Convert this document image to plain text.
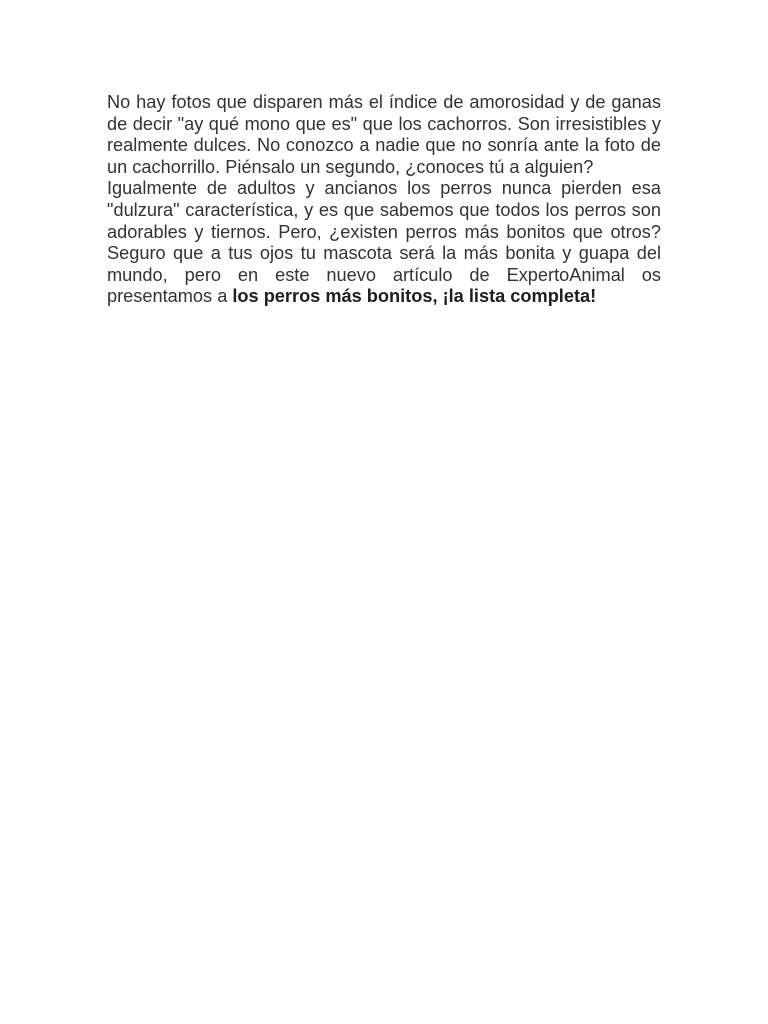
No hay fotos que disparen más el índice de amorosidad y de ganas de decir "ay qué mono que es" que los cachorros. Son irresistibles y realmente dulces. No conozco a nadie que no sonría ante la foto de un cachorrillo. Piénsalo un segundo, ¿conoces tú a alguien?

Igualmente de adultos y ancianos los perros nunca pierden esa "dulzura" característica, y es que sabemos que todos los perros son adorables y tiernos. Pero, ¿existen perros más bonitos que otros? Seguro que a tus ojos tu mascota será la más bonita y guapa del mundo, pero en este nuevo artículo de ExpertoAnimal os presentamos a los perros más bonitos, ¡la lista completa!
